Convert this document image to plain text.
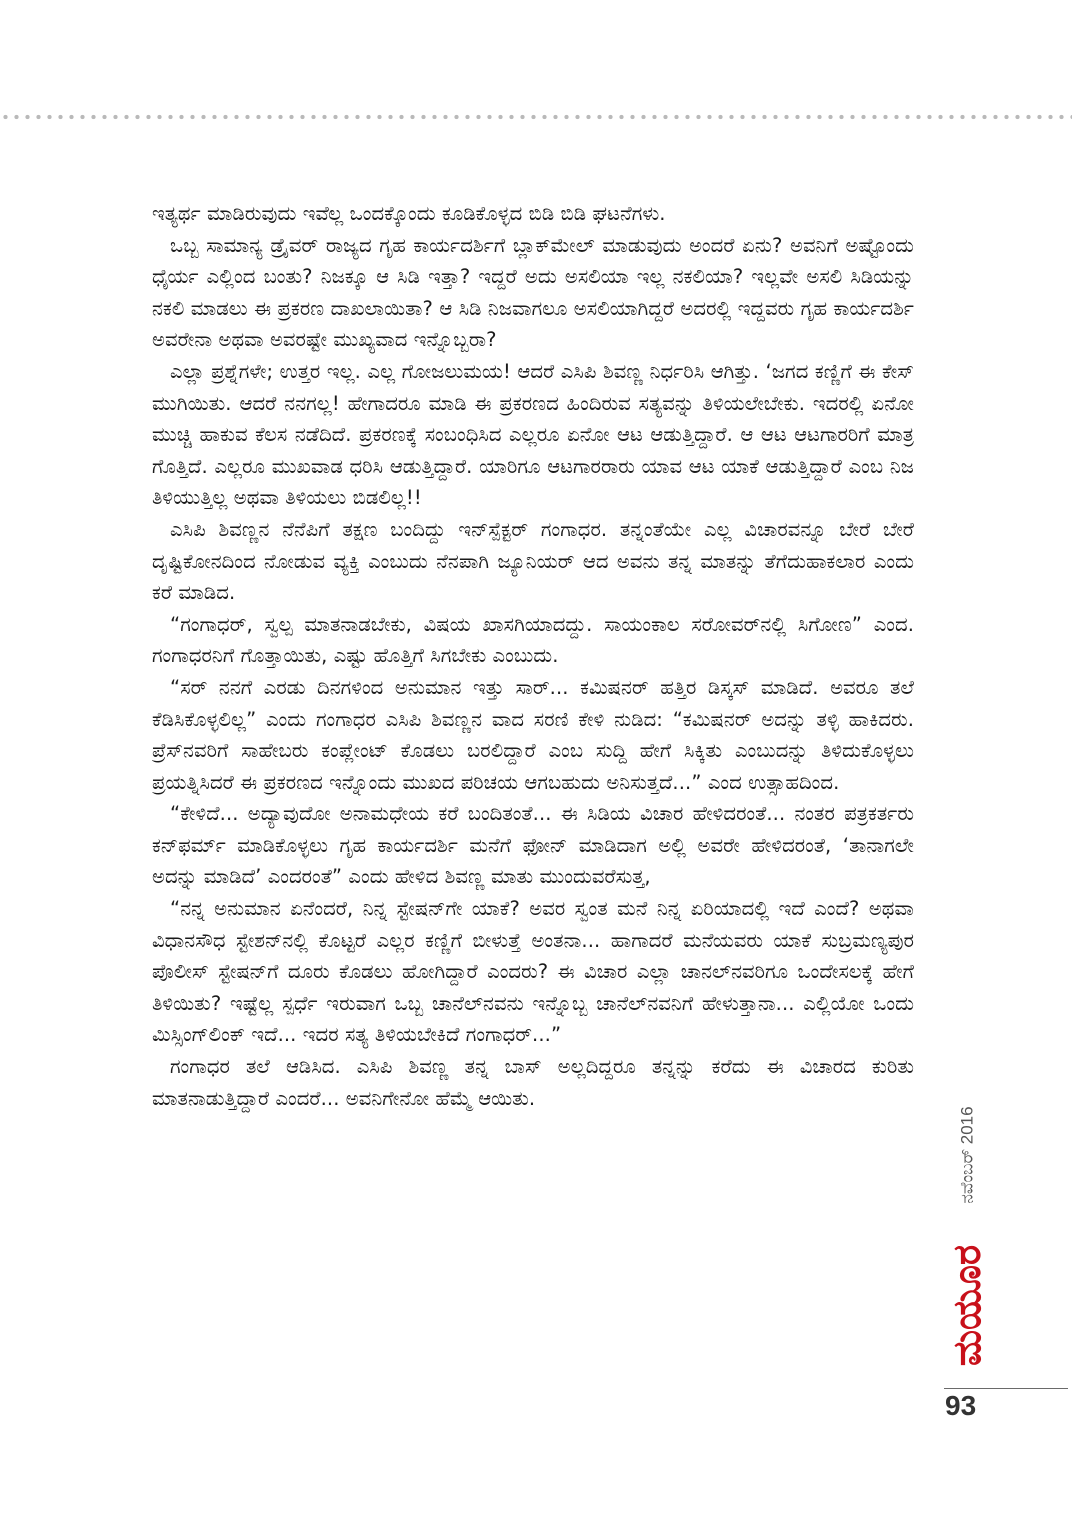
ಇತ್ಯರ್ಥ ಮಾಡಿರುವುದು ಇವೆಲ್ಲ ಒಂದಕ್ಕೊಂದು ಕೂಡಿಕೊಳ್ಳದ ಬಿಡಿ ಬಿಡಿ ಘಟನೆಗಳು.

ಒಬ್ಬ ಸಾಮಾನ್ಯ ಡ್ರೈವರ್ ರಾಜ್ಯದ ಗೃಹ ಕಾರ್ಯದರ್ಶಿಗೆ ಬ್ಲಾಕ್‌ಮೇಲ್ ಮಾಡುವುದು ಅಂದರೆ ಏನು? ಅವನಿಗೆ ಅಷ್ಟೊಂದು ಧೈರ್ಯ ಎಲ್ಲಿಂದ ಬಂತು? ನಿಜಕ್ಕೂ ಆ ಸಿಡಿ ಇತ್ತಾ? ಇದ್ದರೆ ಅದು ಅಸಲಿಯಾ ಇಲ್ಲ ನಕಲಿಯಾ? ಇಲ್ಲವೇ ಅಸಲಿ ಸಿಡಿಯನ್ನು ನಕಲಿ ಮಾಡಲು ಈ ಪ್ರಕರಣ ದಾಖಲಾಯಿತಾ? ಆ ಸಿಡಿ ನಿಜವಾಗಲೂ ಅಸಲಿಯಾಗಿದ್ದರೆ ಅದರಲ್ಲಿ ಇದ್ದವರು ಗೃಹ ಕಾರ್ಯದರ್ಶಿ ಅವರೇನಾ ಅಥವಾ ಅವರಷ್ಟೇ ಮುಖ್ಯವಾದ ಇನ್ನೊಬ್ಬರಾ?

ಎಲ್ಲಾ ಪ್ರಶ್ನೆಗಳೇ; ಉತ್ತರ ಇಲ್ಲ. ಎಲ್ಲ ಗೋಜಲುಮಯ! ಆದರೆ ಎಸಿಪಿ ಶಿವಣ್ಣ ನಿರ್ಧರಿಸಿ ಆಗಿತ್ತು. ‘ಜಗದ ಕಣ್ಣಿಗೆ ಈ ಕೇಸ್ ಮುಗಿಯಿತು. ಆದರೆ ನನಗಲ್ಲ! ಹೇಗಾದರೂ ಮಾಡಿ ಈ ಪ್ರಕರಣದ ಹಿಂದಿರುವ ಸತ್ಯವನ್ನು ತಿಳಿಯಲೇಬೇಕು. ಇದರಲ್ಲಿ ಏನೋ ಮುಚ್ಚಿ ಹಾಕುವ ಕೆಲಸ ನಡೆದಿದೆ. ಪ್ರಕರಣಕ್ಕೆ ಸಂಬಂಧಿಸಿದ ಎಲ್ಲರೂ ಏನೋ ಆಟ ಆಡುತ್ತಿದ್ದಾರೆ. ಆ ಆಟ ಆಟಗಾರರಿಗೆ ಮಾತ್ರ ಗೊತ್ತಿದೆ. ಎಲ್ಲರೂ ಮುಖವಾಡ ಧರಿಸಿ ಆಡುತ್ತಿದ್ದಾರೆ. ಯಾರಿಗೂ ಆಟಗಾರರಾರು ಯಾವ ಆಟ ಯಾಕೆ ಆಡುತ್ತಿದ್ದಾರೆ ಎಂಬ ನಿಜ ತಿಳಿಯುತ್ತಿಲ್ಲ ಅಥವಾ ತಿಳಿಯಲು ಬಿಡಲಿಲ್ಲ!!

ಎಸಿಪಿ ಶಿವಣ್ಣನ ನೆನೆಪಿಗೆ ತಕ್ಷಣ ಬಂದಿದ್ದು ಇನ್‌ಸ್ಪೆಕ್ಟರ್ ಗಂಗಾಧರ. ತನ್ನಂತೆಯೇ ಎಲ್ಲ ವಿಚಾರವನ್ನೂ ಬೇರೆ ಬೇರೆ ದೃಷ್ಟಿಕೋನದಿಂದ ನೋಡುವ ವ್ಯಕ್ತಿ ಎಂಬುದು ನೆನಪಾಗಿ ಜ್ಯೂನಿಯರ್ ಆದ ಅವನು ತನ್ನ ಮಾತನ್ನು ತೆಗೆದುಹಾಕಲಾರ ಎಂದು ಕರೆ ಮಾಡಿದ.

“ಗಂಗಾಧರ್, ಸ್ವಲ್ಪ ಮಾತನಾಡಬೇಕು, ವಿಷಯ ಖಾಸಗಿಯಾದದ್ದು. ಸಾಯಂಕಾಲ ಸರೋವರ್‌ನಲ್ಲಿ ಸಿಗೋಣ” ಎಂದ. ಗಂಗಾಧರನಿಗೆ ಗೊತ್ತಾಯಿತು, ಎಷ್ಟು ಹೊತ್ತಿಗೆ ಸಿಗಬೇಕು ಎಂಬುದು.

“ಸರ್ ನನಗೆ ಎರಡು ದಿನಗಳಿಂದ ಅನುಮಾನ ಇತ್ತು ಸಾರ್... ಕಮಿಷನರ್ ಹತ್ತಿರ ಡಿಸ್ಕಸ್ ಮಾಡಿದೆ. ಅವರೂ ತಲೆ ಕೆಡಿಸಿಕೊಳ್ಳಲಿಲ್ಲ” ಎಂದು ಗಂಗಾಧರ ಎಸಿಪಿ ಶಿವಣ್ಣನ ವಾದ ಸರಣಿ ಕೇಳಿ ನುಡಿದ: “ಕಮಿಷನರ್ ಅದನ್ನು ತಳ್ಳಿ ಹಾಕಿದರು. ಪ್ರೆಸ್‌ನವರಿಗೆ ಸಾಹೇಬರು ಕಂಪ್ಲೇಂಟ್ ಕೊಡಲು ಬರಲಿದ್ದಾರೆ ಎಂಬ ಸುದ್ದಿ ಹೇಗೆ ಸಿಕ್ಕಿತು ಎಂಬುದನ್ನು ತಿಳಿದುಕೊಳ್ಳಲು ಪ್ರಯತ್ನಿಸಿದರೆ ಈ ಪ್ರಕರಣದ ಇನ್ನೊಂದು ಮುಖದ ಪರಿಚಯ ಆಗಬಹುದು ಅನಿಸುತ್ತದೆ...” ಎಂದ ಉತ್ಸಾಹದಿಂದ.

“ಕೇಳಿದೆ... ಅದ್ಯಾವುದೋ ಅನಾಮಧೇಯ ಕರೆ ಬಂದಿತಂತೆ... ಈ ಸಿಡಿಯ ವಿಚಾರ ಹೇಳಿದರಂತೆ... ನಂತರ ಪತ್ರಕರ್ತರು ಕನ್‌ಫರ್ಮ್ ಮಾಡಿಕೊಳ್ಳಲು ಗೃಹ ಕಾರ್ಯದರ್ಶಿ ಮನೆಗೆ ಫೋನ್ ಮಾಡಿದಾಗ ಅಲ್ಲಿ ಅವರೇ ಹೇಳಿದರಂತೆ, ‘ತಾನಾಗಲೇ ಅದನ್ನು ಮಾಡಿದೆ’ ಎಂದರಂತೆ” ಎಂದು ಹೇಳಿದ ಶಿವಣ್ಣ ಮಾತು ಮುಂದುವರೆಸುತ್ತ,

“ನನ್ನ ಅನುಮಾನ ಏನೆಂದರೆ, ನಿನ್ನ ಸ್ಟೇಷನ್‌ಗೇ ಯಾಕೆ? ಅವರ ಸ್ವಂತ ಮನೆ ನಿನ್ನ ಏರಿಯಾದಲ್ಲಿ ಇದೆ ಎಂದೆ? ಅಥವಾ ವಿಧಾನಸೌಧ ಸ್ಟೇಶನ್‌ನಲ್ಲಿ ಕೊಟ್ಟರೆ ಎಲ್ಲರ ಕಣ್ಣಿಗೆ ಬೀಳುತ್ತೆ ಅಂತನಾ... ಹಾಗಾದರೆ ಮನೆಯವರು ಯಾಕೆ ಸುಬ್ರಮಣ್ಯಪುರ ಪೊಲೀಸ್ ಸ್ಟೇಷನ್‌ಗೆ ದೂರು ಕೊಡಲು ಹೋಗಿದ್ದಾರೆ ಎಂದರು? ಈ ವಿಚಾರ ಎಲ್ಲಾ ಚಾನಲ್‌ನವರಿಗೂ ಒಂದೇಸಲಕ್ಕೆ ಹೇಗೆ ತಿಳಿಯಿತು? ಇಷ್ಟೆಲ್ಲ ಸ್ಪರ್ಧೆ ಇರುವಾಗ ಒಬ್ಬ ಚಾನೆಲ್‌ನವನು ಇನ್ನೊಬ್ಬ ಚಾನೆಲ್‌ನವನಿಗೆ ಹೇಳುತ್ತಾನಾ... ಎಲ್ಲಿಯೋ ಒಂದು ಮಿಸ್ಸಿಂಗ್‌ಲಿಂಕ್ ಇದೆ... ಇದರ ಸತ್ಯ ತಿಳಿಯಬೇಕಿದೆ ಗಂಗಾಧರ್...”

ಗಂಗಾಧರ ತಲೆ ಆಡಿಸಿದ. ಎಸಿಪಿ ಶಿವಣ್ಣ ತನ್ನ ಬಾಸ್ ಅಲ್ಲದಿದ್ದರೂ ತನ್ನನ್ನು ಕರೆದು ಈ ವಿಚಾರದ ಕುರಿತು ಮಾತನಾಡುತ್ತಿದ್ದಾರೆ ಎಂದರೆ... ಅವನಿಗೇನೋ ಹೆಮ್ಮೆ ಆಯಿತು.

ನವೆಂಬರ್ 2016
ಮಯೂರ
93
